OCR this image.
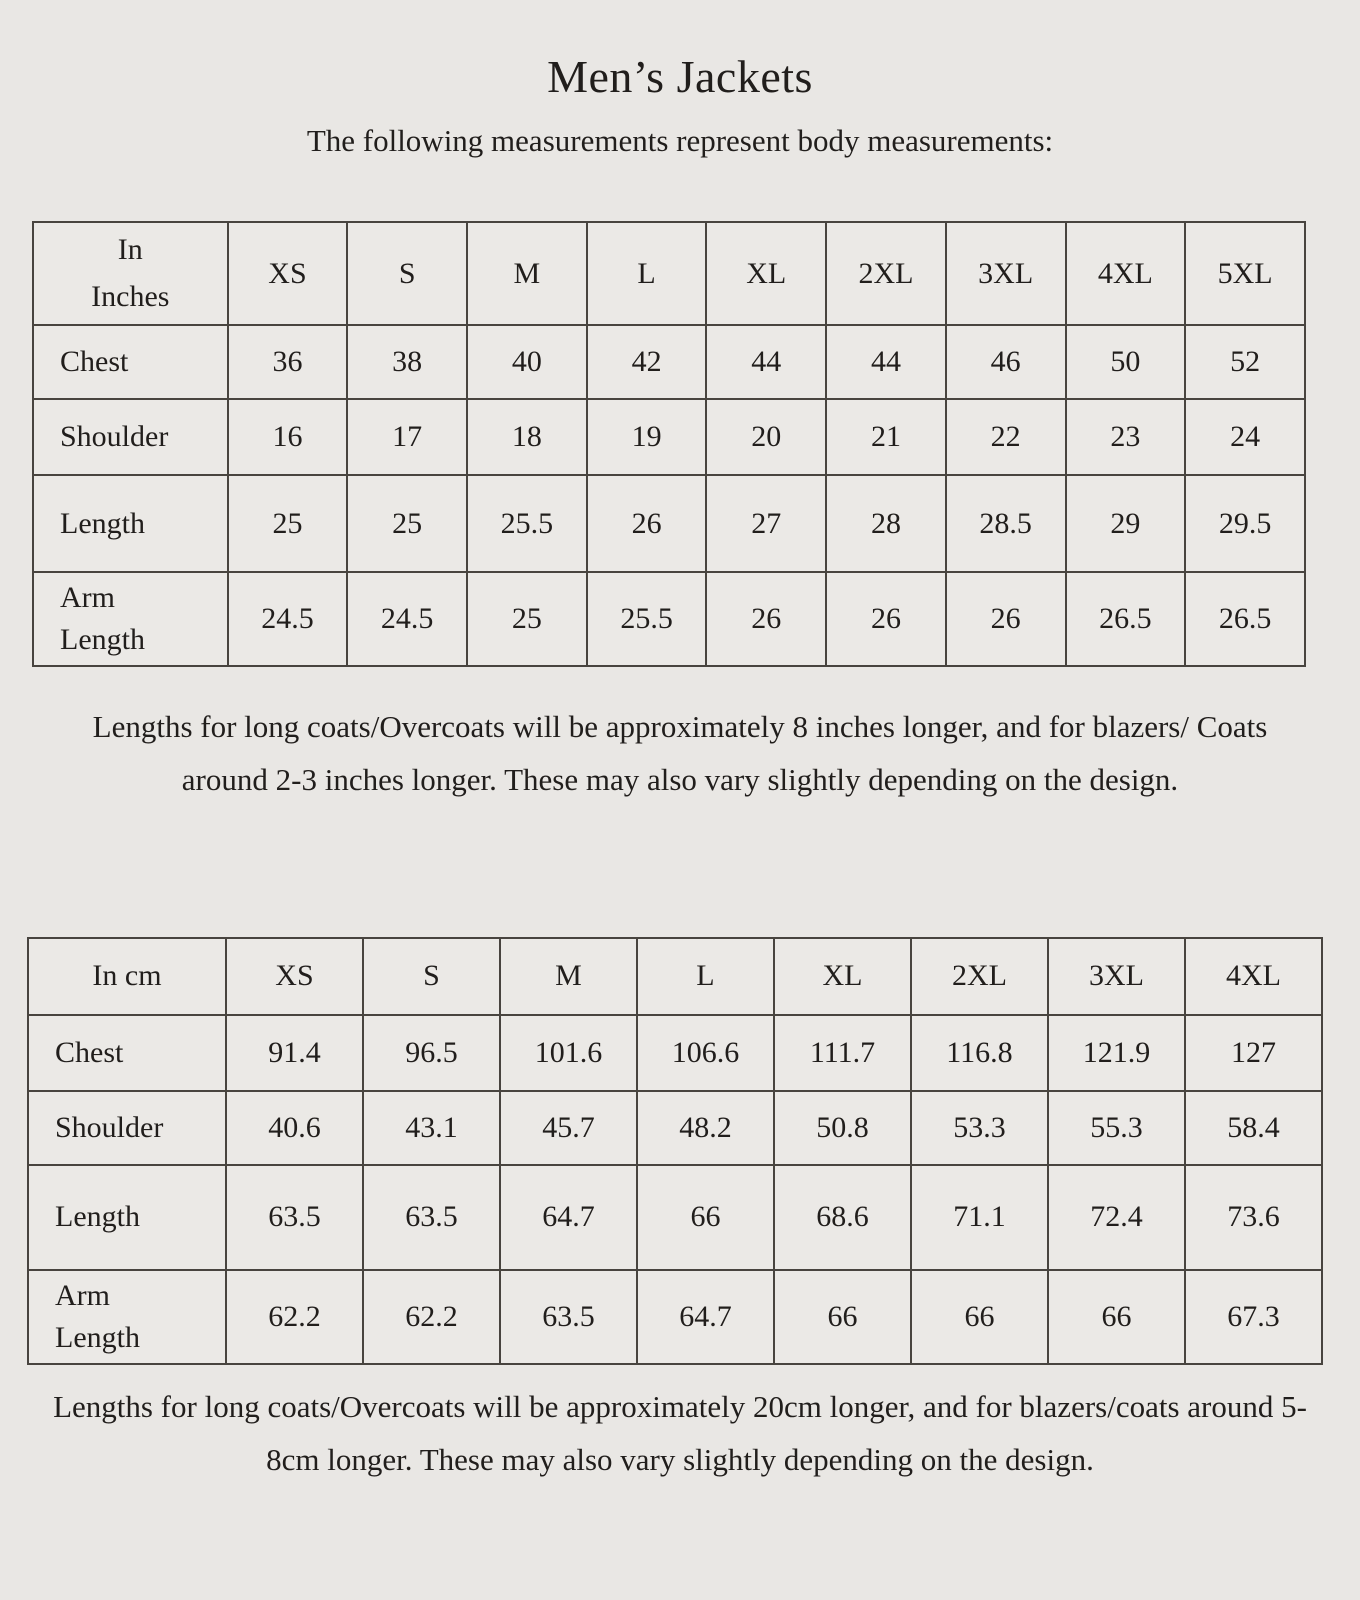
Men’s Jackets

The following measurements represent body measurements:

In
Inches	XS	S	M	L	XL	2XL	3XL	4XL	5XL
Chest	36	38	40	42	44	44	46	50	52
Shoulder	16	17	18	19	20	21	22	23	24
Length	25	25	25.5	26	27	28	28.5	29	29.5
Arm Length	24.5	24.5	25	25.5	26	26	26	26.5	26.5

Lengths for long coats/Overcoats will be approximately 8 inches longer, and for blazers/ Coats around 2-3 inches longer. These may also vary slightly depending on the design.

In cm	XS	S	M	L	XL	2XL	3XL	4XL
Chest	91.4	96.5	101.6	106.6	111.7	116.8	121.9	127
Shoulder	40.6	43.1	45.7	48.2	50.8	53.3	55.3	58.4
Length	63.5	63.5	64.7	66	68.6	71.1	72.4	73.6
Arm Length	62.2	62.2	63.5	64.7	66	66	66	67.3

Lengths for long coats/Overcoats will be approximately 20cm longer, and for blazers/coats around 5-8cm longer. These may also vary slightly depending on the design.
